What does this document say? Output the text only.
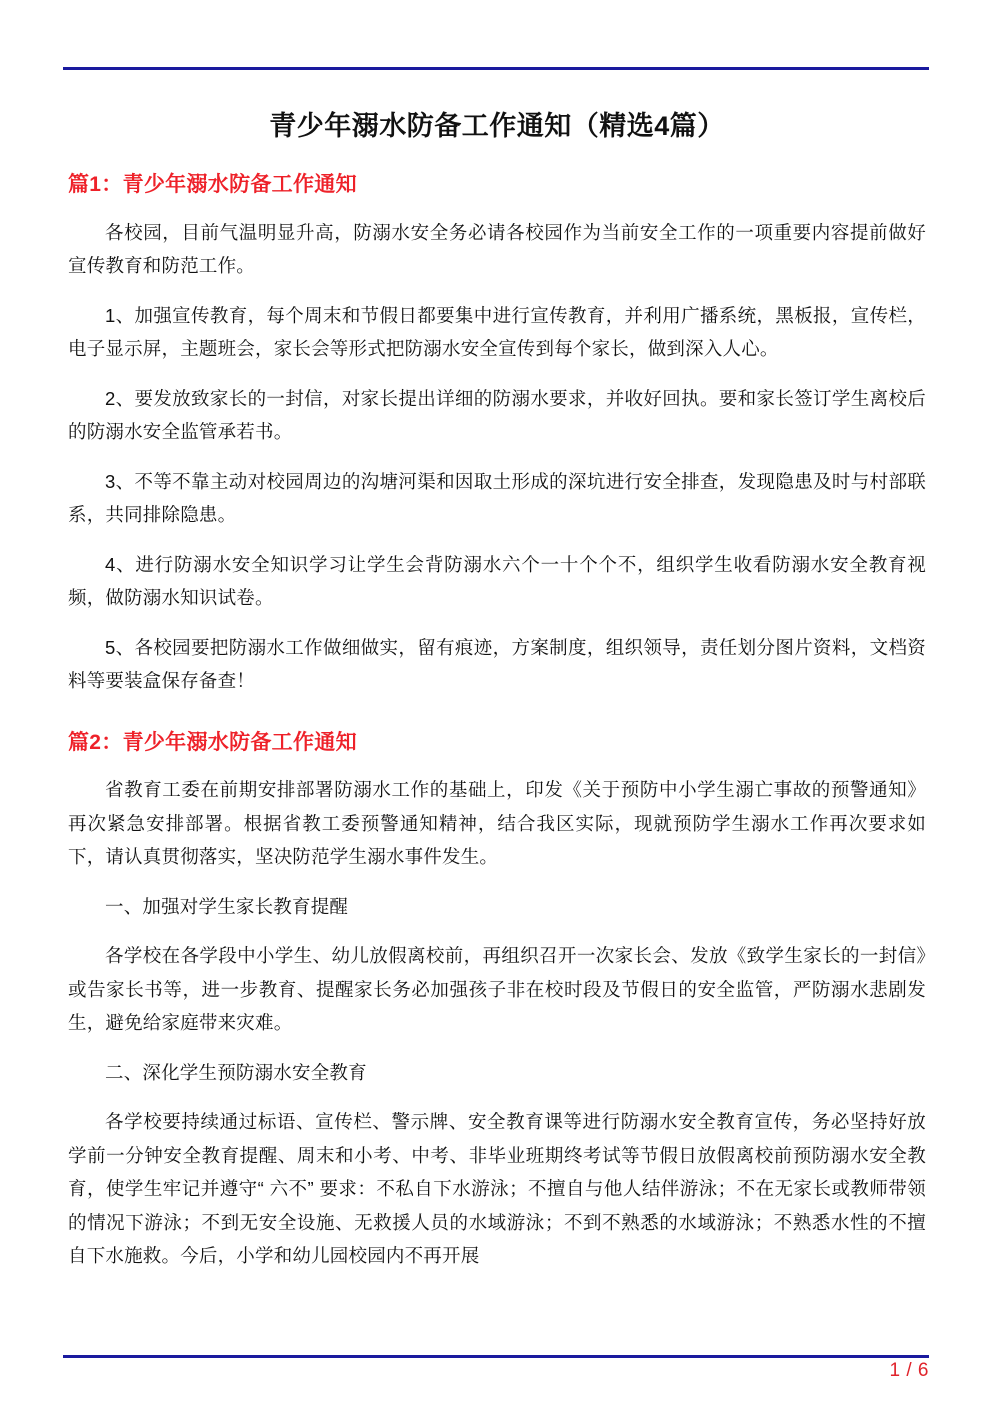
青少年溺水防备工作通知（精选4篇）
篇1：青少年溺水防备工作通知

各校园，目前气温明显升高，防溺水安全务必请各校园作为当前安全工作的一项重要内容提前做好宣传教育和防范工作。

1、加强宣传教育，每个周末和节假日都要集中进行宣传教育，并利用广播系统，黑板报，宣传栏，电子显示屏，主题班会，家长会等形式把防溺水安全宣传到每个家长，做到深入人心。

2、要发放致家长的一封信，对家长提出详细的防溺水要求，并收好回执。要和家长签订学生离校后的防溺水安全监管承若书。

3、不等不靠主动对校园周边的沟塘河渠和因取土形成的深坑进行安全排查，发现隐患及时与村部联系，共同排除隐患。

4、进行防溺水安全知识学习让学生会背防溺水六个一十个个不，组织学生收看防溺水安全教育视频，做防溺水知识试卷。

5、各校园要把防溺水工作做细做实，留有痕迹，方案制度，组织领导，责任划分图片资料，文档资料等要装盒保存备查！

篇2：青少年溺水防备工作通知

省教育工委在前期安排部署防溺水工作的基础上，印发《关于预防中小学生溺亡事故的预警通知》再次紧急安排部署。根据省教工委预警通知精神，结合我区实际，现就预防学生溺水工作再次要求如下，请认真贯彻落实，坚决防范学生溺水事件发生。

一、加强对学生家长教育提醒

各学校在各学段中小学生、幼儿放假离校前，再组织召开一次家长会、发放《致学生家长的一封信》或告家长书等，进一步教育、提醒家长务必加强孩子非在校时段及节假日的安全监管，严防溺水悲剧发生，避免给家庭带来灾难。

二、深化学生预防溺水安全教育

各学校要持续通过标语、宣传栏、警示牌、安全教育课等进行防溺水安全教育宣传，务必坚持好放学前一分钟安全教育提醒、周末和小考、中考、非毕业班期终考试等节假日放假离校前预防溺水安全教育，使学生牢记并遵守“ 六不” 要求：不私自下水游泳；不擅自与他人结伴游泳；不在无家长或教师带领的情况下游泳；不到无安全设施、无救援人员的水域游泳；不到不熟悉的水域游泳；不熟悉水性的不擅自下水施救。今后，小学和幼儿园校园内不再开展

1 / 6
